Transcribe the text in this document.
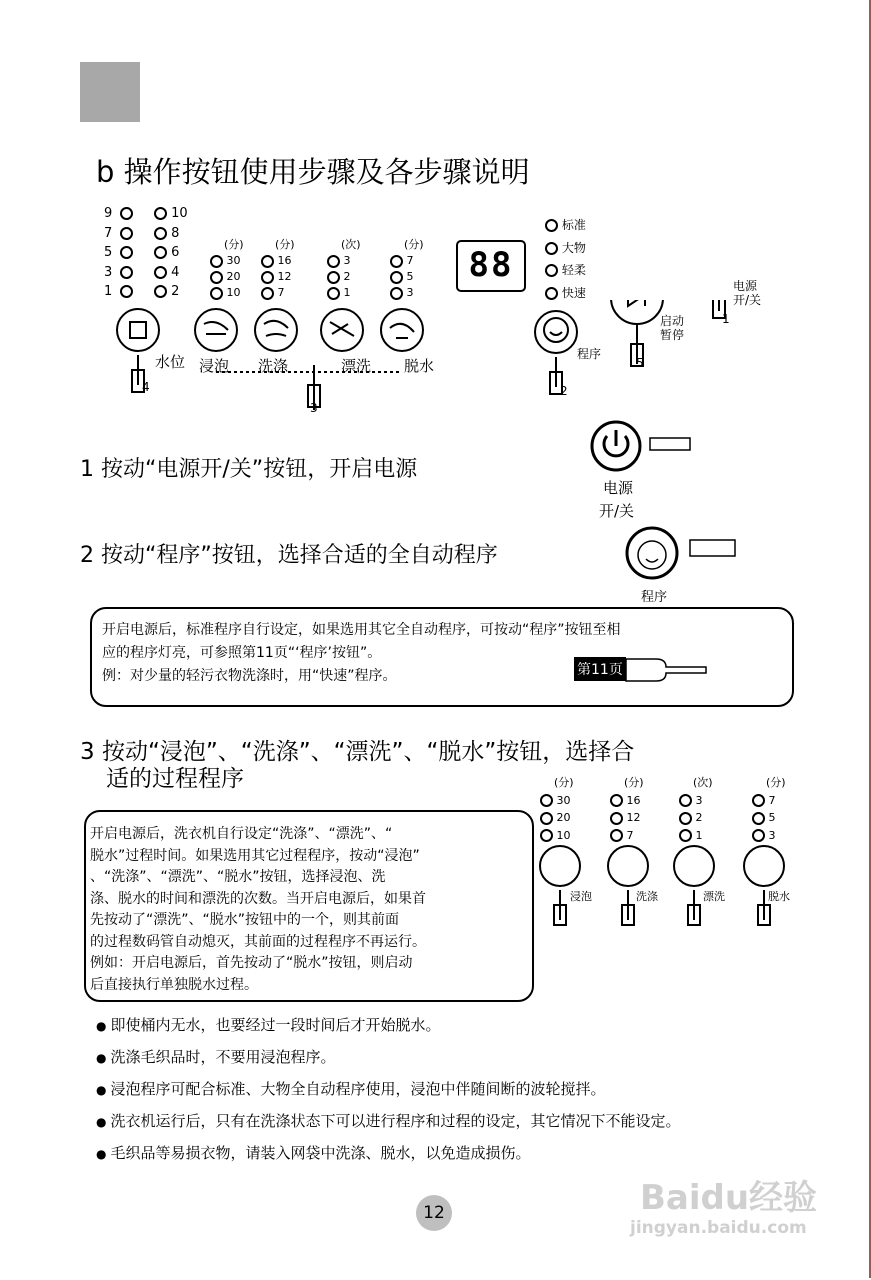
b 操作按钮使用步骤及各步骤说明
9
7
5
3
1
10
8
6
4
2
(分)
30
20
10
(分)
16
12
7
(次)
3
2
1
(分)
7
5
3
88
标准
大物
轻柔
快速
水位 浸泡 洗涤	漂洗 脱水
程序
启动
暂停
电源
开/关
4
3
2
5
1
1 按动“电源开/关”按钮，开启电源
电源
开/关
2 按动“程序”按钮，选择合适的全自动程序
程序
开启电源后，标准程序自行设定，如果选用其它全自动程序，可按动“程序”按钮至相
应的程序灯亮，可参照第11页“‘程序’按钮”。
例：对少量的轻污衣物洗涤时，用“快速”程序。	第11页
3 按动“浸泡”、“洗涤”、“漂洗”、“脱水”按钮，选择合
适的过程程序
开启电源后，洗衣机自行设定“洗涤”、“漂洗”、“
脱水”过程时间。如果选用其它过程程序，按动“浸泡”
、“洗涤”、“漂洗”、“脱水”按钮，选择浸泡、洗
涤、脱水的时间和漂洗的次数。当开启电源后，如果首
先按动了“漂洗”、“脱水”按钮中的一个，则其前面
的过程数码管自动熄灭，其前面的过程程序不再运行。
例如：开启电源后，首先按动了“脱水”按钮，则启动
后直接执行单独脱水过程。
(分)
30
20
10
(分)
16
12
7
(次)
3
2
1
(分)
7
5
3
浸泡	洗涤	漂洗	脱水
● 即使桶内无水，也要经过一段时间后才开始脱水。
● 洗涤毛织品时，不要用浸泡程序。
● 浸泡程序可配合标准、大物全自动程序使用，浸泡中伴随间断的波轮搅拌。
● 洗衣机运行后，只有在洗涤状态下可以进行程序和过程的设定，其它情况下不能设定。
● 毛织品等易损衣物，请装入网袋中洗涤、脱水，以免造成损伤。
12	Baidu经验
jingyan.baidu.com
